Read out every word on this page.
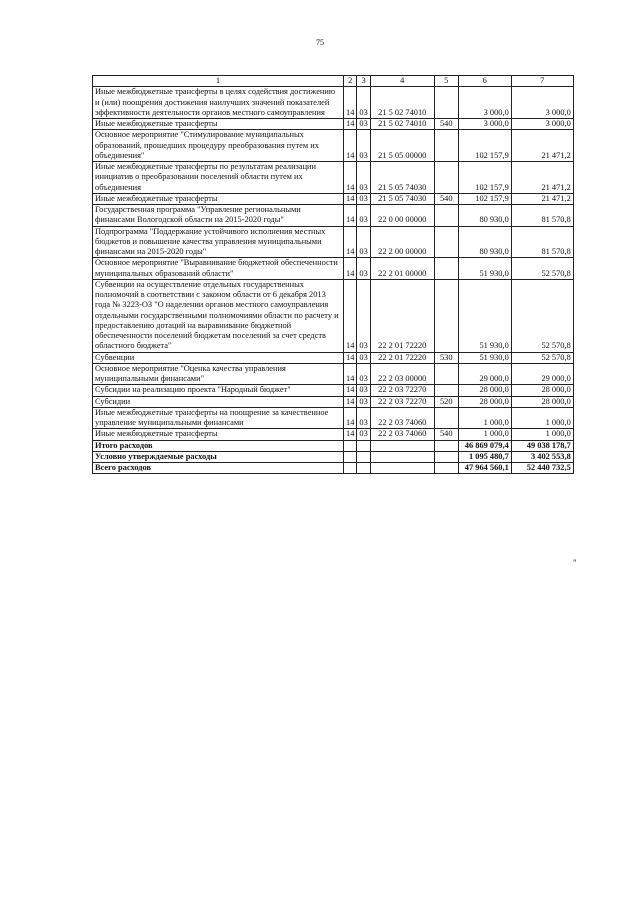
75
1	2	3	4	5	6	7
Иные межбюджетные трансферты в целях содействия достижению и (или) поощрения достижения наилучших значений показателей эффективности деятельности органов местного самоуправления	14	03	21 5 02 74010		3 000,0	3 000,0
Иные межбюджетные трансферты	14	03	21 5 02 74010	540	3 000,0	3 000,0
Основное мероприятие "Стимулирование муниципальных образований, прошедших процедуру преобразования путем их объединения"	14	03	21 5 05 00000		102 157,9	21 471,2
Иные межбюджетные трансферты по результатам реализации инициатив о преобразовании поселений области путем их объединения	14	03	21 5 05 74030		102 157,9	21 471,2
Иные межбюджетные трансферты	14	03	21 5 05 74030	540	102 157,9	21 471,2
Государственная программа "Управление региональными финансами Вологодской области на 2015-2020 годы"	14	03	22 0 00 00000		80 930,0	81 570,8
Подпрограмма "Поддержание устойчивого исполнения местных бюджетов и повышение качества управления муниципальными финансами на 2015-2020 годы"	14	03	22 2 00 00000		80 930,0	81 570,8
Основное мероприятие "Выравнивание бюджетной обеспеченности муниципальных образований области"	14	03	22 2 01 00000		51 930,0	52 570,8
Субвенции на осуществление отдельных государственных полномочий в соответствии с законом области от 6 декабря 2013 года № 3223-ОЗ "О наделении органов местного самоуправления отдельными государственными полномочиями области по расчету и предоставлению дотаций на выравнивание бюджетной обеспеченности поселений бюджетам поселений за счет средств областного бюджета"	14	03	22 2 01 72220		51 930,0	52 570,8
Субвенции	14	03	22 2 01 72220	530	51 930,0	52 570,8
Основное мероприятие "Оценка качества управления муниципальными финансами"	14	03	22 2 03 00000		29 000,0	29 000,0
Субсидии на реализацию проекта "Народный бюджет"	14	03	22 2 03 72270		28 000,0	28 000,0
Субсидии	14	03	22 2 03 72270	520	28 000,0	28 000,0
Иные межбюджетные трансферты на поощрение за качественное управление муниципальными финансами	14	03	22 2 03 74060		1 000,0	1 000,0
Иные межбюджетные трансферты	14	03	22 2 03 74060	540	1 000,0	1 000,0
Итого расходов					46 869 079,4	49 038 178,7
Условно утверждаемые расходы					1 095 480,7	3 402 553,8
Всего расходов					47 964 560,1	52 440 732,5
"
